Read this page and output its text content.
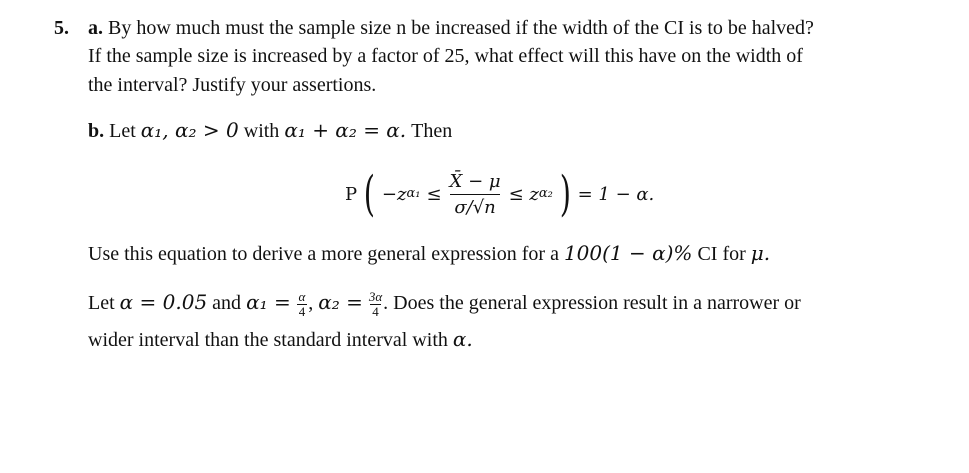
5. a. By how much must the sample size n be increased if the width of the CI is to be halved?
If the sample size is increased by a factor of 25, what effect will this have on the width of
the interval? Justify your assertions.
b. Let α₁, α₂ > 0 with α₁ + α₂ = α. Then
P ( −z $\alpha_1 \le \frac{X̄ - \mu}{\sigma/√n} \le z$ α₂ ) = 1 − α.
Use this equation to derive a more general expression for a 100(1 − α)% CI for μ.
Let α = 0.05 and $\alpha_1 = \frac{\alpha}{4}$ , $\alpha_2 = \frac{3\alpha}{4}$ . Does the general expression result in a narrower or
wider interval than the standard interval with α.
